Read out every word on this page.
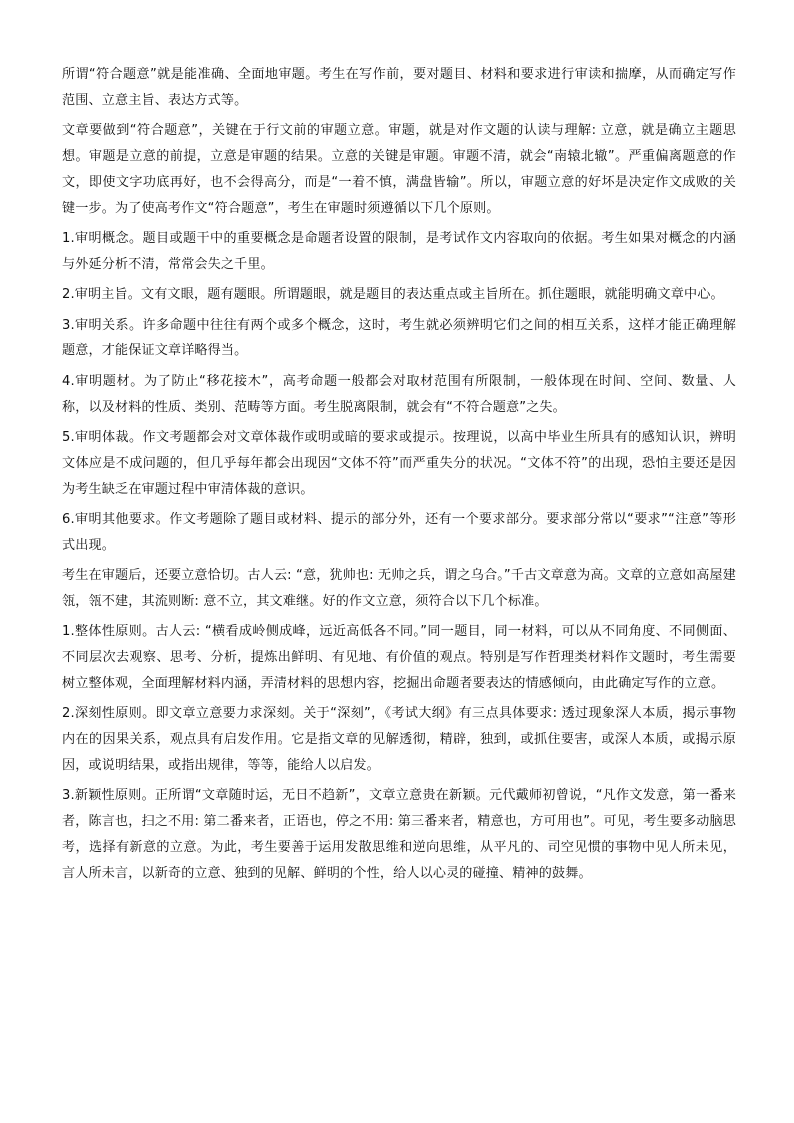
所谓“符合题意”就是能准确、全面地审题。考生在写作前，要对题目、材料和要求进行审读和揣摩，从而确定写作范围、立意主旨、表达方式等。

文章要做到“符合题意”，关键在于行文前的审题立意。审题，就是对作文题的认读与理解: 立意，就是确立主题思想。审题是立意的前提，立意是审题的结果。立意的关键是审题。审题不清，就会“南辕北辙”。严重偏离题意的作文，即使文字功底再好，也不会得高分，而是“一着不慎，满盘皆输”。所以，审题立意的好坏是决定作文成败的关键一步。为了使高考作文“符合题意”，考生在审题时须遵循以下几个原则。

1.审明概念。题目或题干中的重要概念是命题者设置的限制，是考试作文内容取向的依据。考生如果对概念的内涵与外延分析不清，常常会失之千里。

2.审明主旨。文有文眼，题有题眼。所谓题眼，就是题目的表达重点或主旨所在。抓住题眼，就能明确文章中心。

3.审明关系。许多命题中往往有两个或多个概念，这时，考生就必须辨明它们之间的相互关系，这样才能正确理解题意，才能保证文章详略得当。

4.审明题材。为了防止“移花接木”，高考命题一般都会对取材范围有所限制，一般体现在时间、空间、数量、人称，以及材料的性质、类别、范畴等方面。考生脱离限制，就会有“不符合题意”之失。

5.审明体裁。作文考题都会对文章体裁作或明或暗的要求或提示。按理说，以高中毕业生所具有的感知认识，辨明文体应是不成问题的，但几乎每年都会出现因“文体不符”而严重失分的状况。“文体不符”的出现，恐怕主要还是因为考生缺乏在审题过程中审清体裁的意识。

6.审明其他要求。作文考题除了题目或材料、提示的部分外，还有一个要求部分。要求部分常以“要求”“注意”等形式出现。

考生在审题后，还要立意恰切。古人云: “意，犹帅也: 无帅之兵，谓之乌合。”千古文章意为高。文章的立意如高屋建瓴，瓴不建，其流则断: 意不立，其文难继。好的作文立意，须符合以下几个标准。

1.整体性原则。古人云: “横看成岭侧成峰，远近高低各不同。”同一题目，同一材料，可以从不同角度、不同侧面、不同层次去观察、思考、分析，提炼出鲜明、有见地、有价值的观点。特别是写作哲理类材料作文题时，考生需要树立整体观，全面理解材料内涵，弄清材料的思想内容，挖掘出命题者要表达的情感倾向，由此确定写作的立意。

2.深刻性原则。即文章立意要力求深刻。关于“深刻”，《考试大纲》有三点具体要求: 透过现象深人本质，揭示事物内在的因果关系，观点具有启发作用。它是指文章的见解透彻，精辟，独到，或抓住要害，或深人本质，或揭示原因，或说明结果，或指出规律，等等，能给人以启发。

3.新颖性原则。正所谓“文章随时运，无日不趋新”，文章立意贵在新颖。元代戴师初曾说，“凡作文发意，第一番来者，陈言也，扫之不用: 第二番来者，正语也，停之不用: 第三番来者，精意也，方可用也”。可见，考生要多动脑思考，选择有新意的立意。为此，考生要善于运用发散思维和逆向思维，从平凡的、司空见惯的事物中见人所未见，言人所未言，以新奇的立意、独到的见解、鲜明的个性，给人以心灵的碰撞、精神的鼓舞。
